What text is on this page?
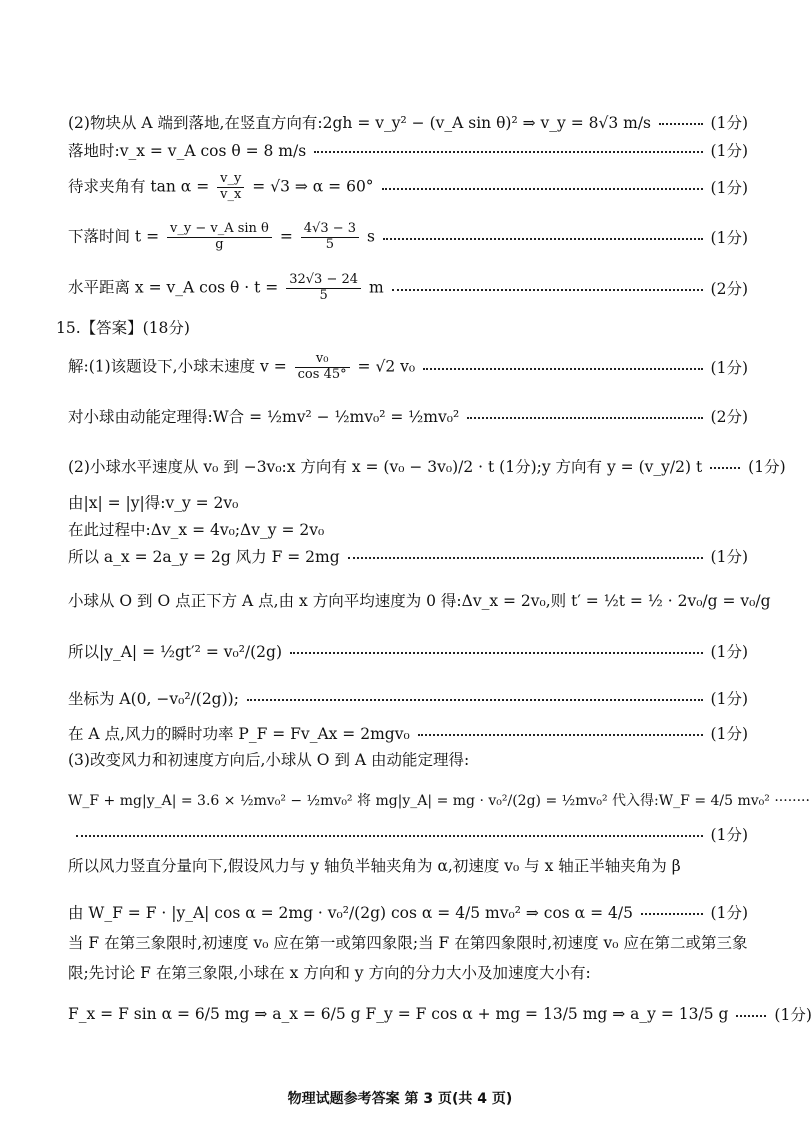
(2)物块从 A 端到落地,在竖直方向有:2gh = v_y² − (v_A sin θ)² ⇒ v_y = 8√3 m/s	(1分)
落地时:v_x = v_A cos θ = 8 m/s	(1分)
待求夹角有 $\tan \alpha = \frac{v\_y}{v\_x} = √3$ ⇒ α = 60°	(1分)
下落时间 $t = \frac{\text{v\_y − v\_A sin θ}}{g} = \frac{4√3 - 3}{5}$ s	(1分)
水平距离 x = v_A $\cos \theta \cdot t = \frac{32√3 - 24}{5}$ m	(2分)
15.【答案】(18分)
解:(1)该题设下,小球末速度 $v = \frac{\text{v₀}}{\cos 45^\circ} = √2$ v₀	(1分)
对小球由动能定理得:W合 = ½mv² − ½mv₀² = ½mv₀²	(2分)
(2)小球水平速度从 v₀ 到 −3v₀:x 方向有 x = (v₀ − 3v₀)/2 · t (1分);y 方向有 y = (v_y/2) t	(1分)
由|x| = |y|得:v_y = 2v₀
在此过程中:Δv_x = 4v₀;Δv_y = 2v₀
所以 a_x = 2a_y = 2g 风力 F = 2mg	(1分)
小球从 O 到 O 点正下方 A 点,由 x 方向平均速度为 0 得:Δv_x = 2v₀,则 t′ = ½t = ½ · 2v₀/g = v₀/g
所以|y_A| = ½gt′² = v₀²/(2g)	(1分)
坐标为 A(0, −v₀²/(2g));	(1分)
在 A 点,风力的瞬时功率 P_F = Fv_Ax = 2mgv₀	(1分)
(3)改变风力和初速度方向后,小球从 O 到 A 由动能定理得:
W_F + mg|y_A| = 3.6 × ½mv₀² − ½mv₀² 将 mg|y_A| = mg · v₀²/(2g) = ½mv₀² 代入得:W_F = 4/5 mv₀² ········
(1分)
所以风力竖直分量向下,假设风力与 y 轴负半轴夹角为 α,初速度 v₀ 与 x 轴正半轴夹角为 β
由 W_F = F · |y_A| cos α = 2mg · v₀²/(2g) cos α = 4/5 mv₀² ⇒ cos α = 4/5	(1分)
当 F 在第三象限时,初速度 v₀ 应在第一或第四象限;当 F 在第四象限时,初速度 v₀ 应在第二或第三象限;先讨论 F 在第三象限,小球在 x 方向和 y 方向的分力大小及加速度大小有:
F_x = F sin α = 6/5 mg ⇒ a_x = 6/5 g F_y = F cos α + mg = 13/5 mg ⇒ a_y = 13/5 g	(1分)
物理试题参考答案 第 3 页(共 4 页)
